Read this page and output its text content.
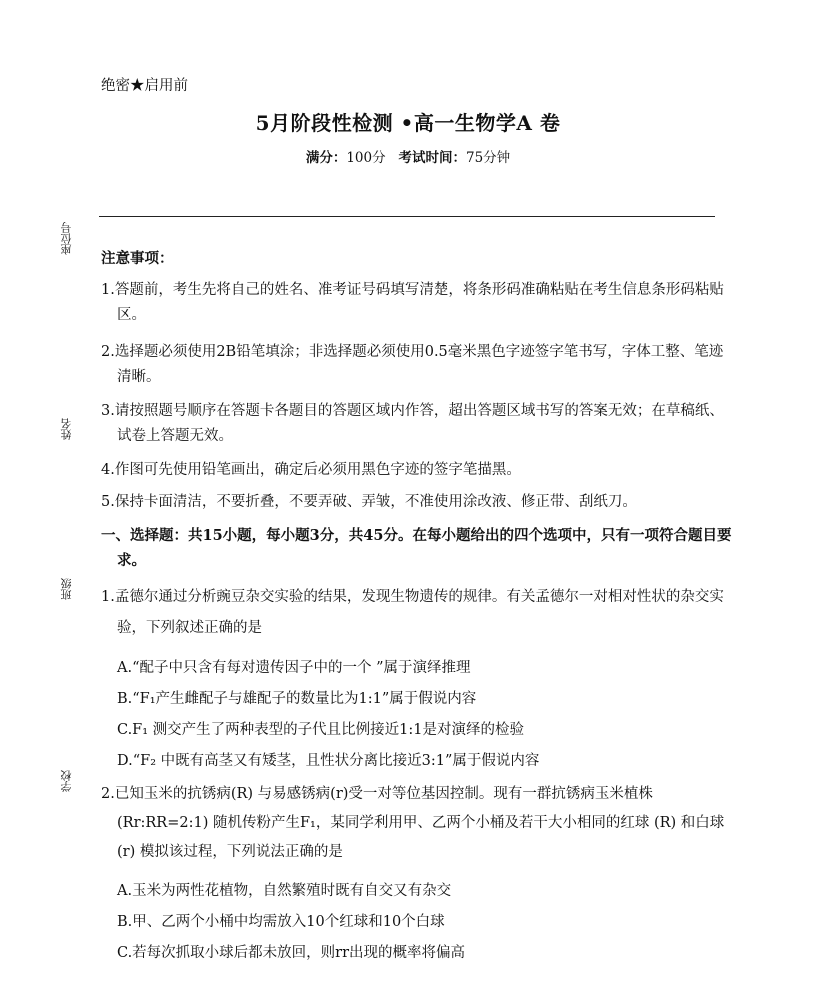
绝密★启用前
5月阶段性检测 •高一生物学A 卷
满分：100分 考试时间：75分钟
座位号
姓名
班级
学校
注意事项：
1.答题前，考生先将自己的姓名、准考证号码填写清楚，将条形码准确粘贴在考生信息条形码粘贴区。
2.选择题必须使用2B铅笔填涂；非选择题必须使用0.5毫米黑色字迹签字笔书写，字体工整、笔迹清晰。
3.请按照题号顺序在答题卡各题目的答题区域内作答，超出答题区域书写的答案无效；在草稿纸、试卷上答题无效。
4.作图可先使用铅笔画出，确定后必须用黑色字迹的签字笔描黑。
5.保持卡面清洁，不要折叠，不要弄破、弄皱，不准使用涂改液、修正带、刮纸刀。
一、选择题：共15小题，每小题3分，共45分。在每小题给出的四个选项中，只有一项符合题目要求。
1.孟德尔通过分析豌豆杂交实验的结果，发现生物遗传的规律。有关孟德尔一对相对性状的杂交实验，下列叙述正确的是
A.“配子中只含有每对遗传因子中的一个 ”属于演绎推理
B.“F₁产生雌配子与雄配子的数量比为1:1”属于假说内容
C.F₁ 测交产生了两种表型的子代且比例接近1:1是对演绎的检验
D.“F₂ 中既有高茎又有矮茎，且性状分离比接近3:1”属于假说内容
2.已知玉米的抗锈病(R) 与易感锈病(r)受一对等位基因控制。现有一群抗锈病玉米植株(Rr:RR=2:1) 随机传粉产生F₁，某同学利用甲、乙两个小桶及若干大小相同的红球 (R) 和白球(r) 模拟该过程，下列说法正确的是
A.玉米为两性花植物，自然繁殖时既有自交又有杂交
B.甲、乙两个小桶中均需放入10个红球和10个白球
C.若每次抓取小球后都未放回，则rr出现的概率将偏高
